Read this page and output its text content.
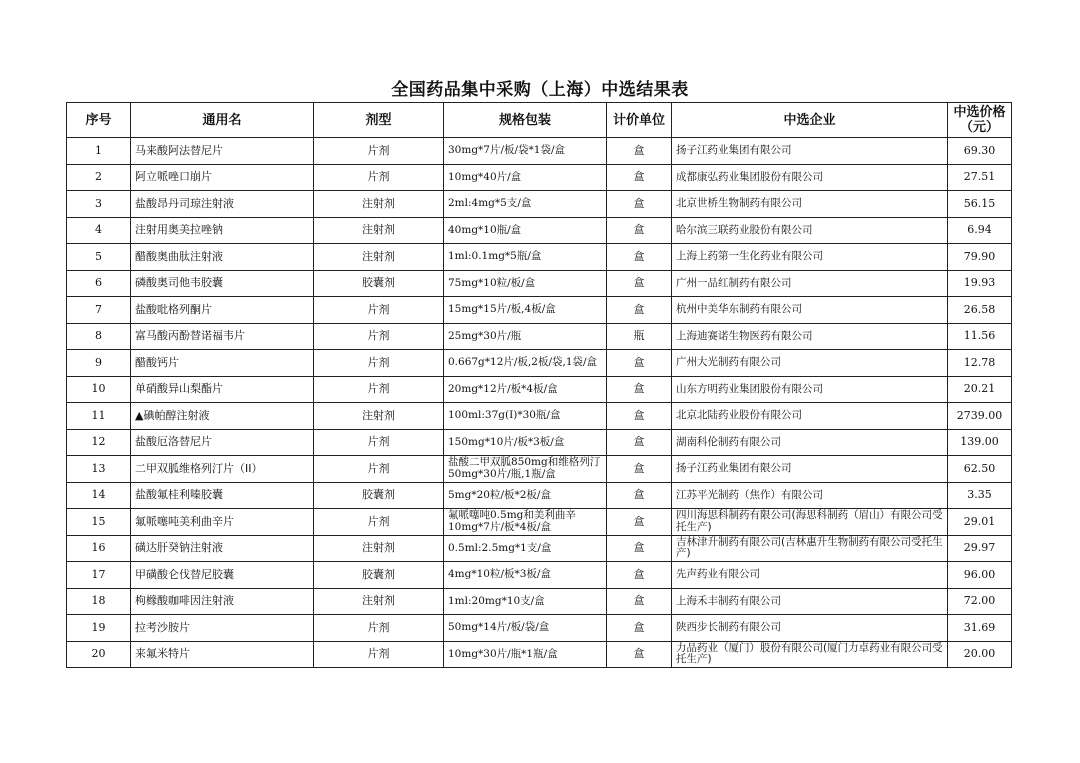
全国药品集中采购（上海）中选结果表
序号	通用名	剂型	规格包装	计价单位	中选企业	中选价格（元）
1	马来酸阿法替尼片	片剂	30mg*7片/板/袋*1袋/盒	盒	扬子江药业集团有限公司	69.30
2	阿立哌唑口崩片	片剂	10mg*40片/盒	盒	成都康弘药业集团股份有限公司	27.51
3	盐酸昂丹司琼注射液	注射剂	2ml:4mg*5支/盒	盒	北京世桥生物制药有限公司	56.15
4	注射用奥美拉唑钠	注射剂	40mg*10瓶/盒	盒	哈尔滨三联药业股份有限公司	6.94
5	醋酸奥曲肽注射液	注射剂	1ml:0.1mg*5瓶/盒	盒	上海上药第一生化药业有限公司	79.90
6	磷酸奥司他韦胶囊	胶囊剂	75mg*10粒/板/盒	盒	广州一品红制药有限公司	19.93
7	盐酸吡格列酮片	片剂	15mg*15片/板,4板/盒	盒	杭州中美华东制药有限公司	26.58
8	富马酸丙酚替诺福韦片	片剂	25mg*30片/瓶	瓶	上海迪赛诺生物医药有限公司	11.56
9	醋酸钙片	片剂	0.667g*12片/板,2板/袋,1袋/盒	盒	广州大光制药有限公司	12.78
10	单硝酸异山梨酯片	片剂	20mg*12片/板*4板/盒	盒	山东方明药业集团股份有限公司	20.21
11	▲碘帕醇注射液	注射剂	100ml:37g(I)*30瓶/盒	盒	北京北陆药业股份有限公司	2739.00
12	盐酸厄洛替尼片	片剂	150mg*10片/板*3板/盒	盒	湖南科伦制药有限公司	139.00
13	二甲双胍维格列汀片（II）	片剂	盐酸二甲双胍850mg和维格列汀50mg*30片/瓶,1瓶/盒	盒	扬子江药业集团有限公司	62.50
14	盐酸氟桂利嗪胶囊	胶囊剂	5mg*20粒/板*2板/盒	盒	江苏平光制药（焦作）有限公司	3.35
15	氟哌噻吨美利曲辛片	片剂	氟哌噻吨0.5mg和美利曲辛10mg*7片/板*4板/盒	盒	四川海思科制药有限公司(海思科制药（眉山）有限公司受托生产)	29.01
16	磺达肝癸钠注射液	注射剂	0.5ml:2.5mg*1支/盒	盒	吉林津升制药有限公司(吉林惠升生物制药有限公司受托生产)	29.97
17	甲磺酸仑伐替尼胶囊	胶囊剂	4mg*10粒/板*3板/盒	盒	先声药业有限公司	96.00
18	枸橼酸咖啡因注射液	注射剂	1ml:20mg*10支/盒	盒	上海禾丰制药有限公司	72.00
19	拉考沙胺片	片剂	50mg*14片/板/袋/盒	盒	陕西步长制药有限公司	31.69
20	来氟米特片	片剂	10mg*30片/瓶*1瓶/盒	盒	力品药业（厦门）股份有限公司(厦门力卓药业有限公司受托生产)	20.00
